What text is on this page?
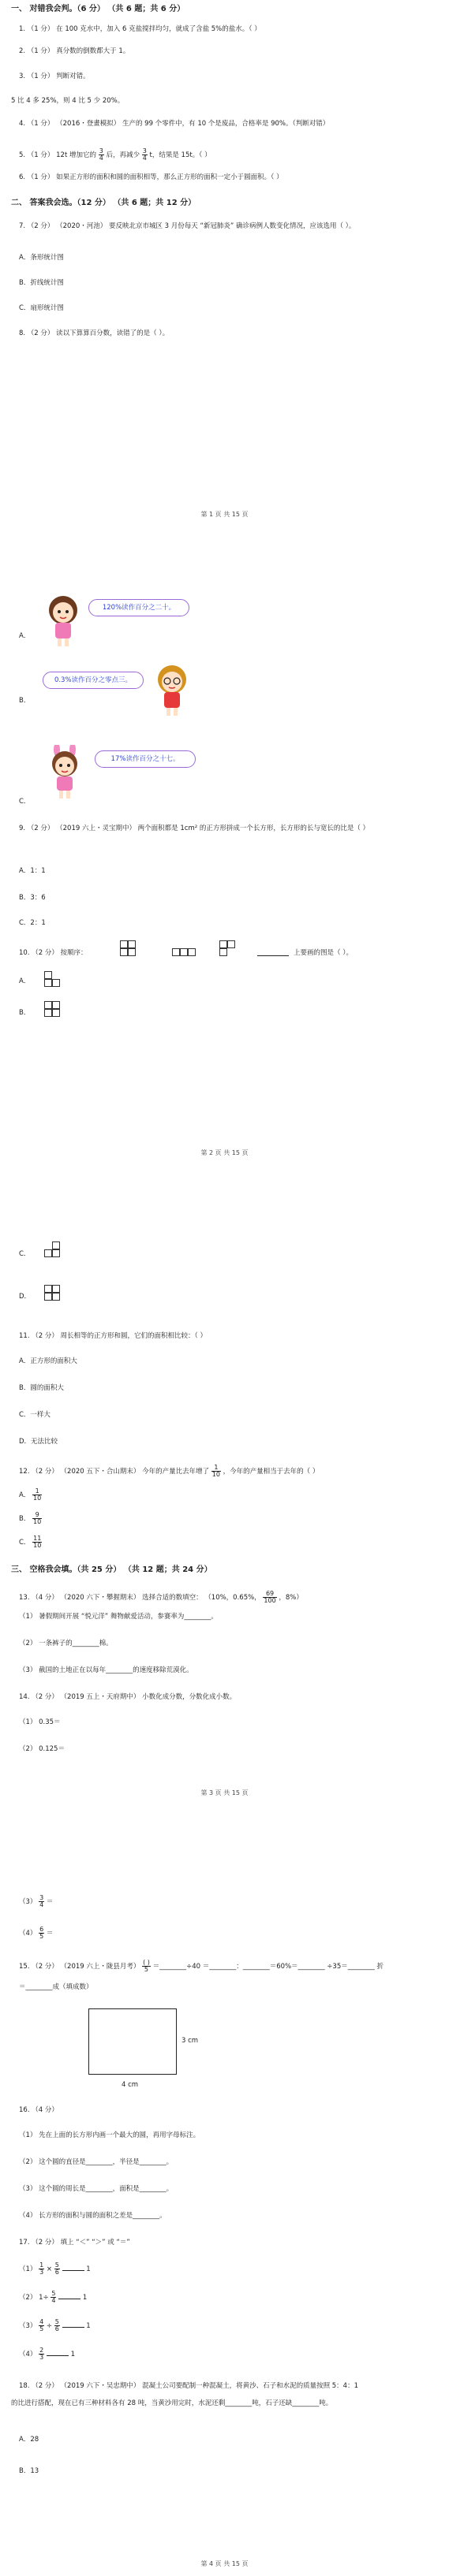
一、 对错我会判。（6 分） （共 6 题；共 6 分）
1. （1 分） 在 100 克水中，加入 6 克盐搅拌均匀，就成了含盐 5%的盐水。（ ）
2. （1 分） 真分数的倒数都大于 1。
3. （1 分） 判断对错。
5 比 4 多 25%，则 4 比 5 少 20%。
4. （1 分） （2016・登畫模拟） 生产的 99 个零件中，有 10 个是废品，合格率是 90%。（判断对错）
5. （1 分） 12t 增加它的 $\frac{3}{4}$ 后，再减少 $\frac{3}{4}$ t，结果是 15t。（ ）
6. （1 分） 如果正方形的面积和圆的面积相等，那么正方形的面积一定小于圆面积。（ ）
二、 答案我会选。（12 分） （共 6 题；共 12 分）
7. （2 分） （2020・河池） 要反映北京市城区 3 月份每天 “新冠肺炎” 确诊病例人数变化情况，应该选用（ ）。
A．条形统计图
B．折线统计图
C．扇形统计图
8. （2 分） 读以下算算百分数，读错了的是（ ）。
第 1 页 共 15 页
120%读作百分之二十。
A．
0.3%读作百分之零点三。
B．
17%读作百分之十七。
C．
9. （2 分） （2019 六上・灵宝期中） 两个面积都是 1cm² 的正方形拼成一个长方形，长方形的长与宽长的比是（ ）
A．1：1
B．3：6
C．2：1
10. （2 分） 按顺序：	上要画的图是（ ）。
A．
B．
第 2 页 共 15 页
C．
D．
11. （2 分） 周长相等的正方形和圆，它们的面积相比较：（ ）
A．正方形的面积大
B．圆的面积大
C．一样大
D．无法比较
12. （2 分） （2020 五下・合山期末） 今年的产量比去年增了 $\frac{1}{10}$ ，今年的产量相当于去年的（ ）
A． $\frac{1}{10}$
B． $\frac{9}{10}$
C． $\frac{11}{10}$
三、 空格我会填。（共 25 分） （共 12 题；共 24 分）
13. （4 分） （2020 六下・攀握期末） 选择合适的数填空： （10%，0.65%， $\frac{69}{100}$ ，8%）
（1） 暑假期间开展 “悦元洋” 舞物献爱活动，参赛率为________。
（2） 一条裤子的________棉。
（3） 截国的土地正在以每年________的速度移除荒漠化。
14. （2 分） （2019 五上・天府期中） 小数化成分数，分数化成小数。
（1） 0.35＝
（2） 0.125＝
第 3 页 共 15 页
$(3) \frac{3}{4}$ ＝
$(4) \frac{6}{5}$ ＝
15. （2 分） （2019 六上・陇县月考） $\frac{( )}{5}$ ＝________÷40 ＝________：________＝60%＝________ ÷35＝________ 折
＝________成（填成数）
3 cm
4 cm
16. （4 分）
（1） 先在上面的长方形内画一个最大的圆，再用字母标注。
（2） 这个圆的直径是________，半径是________。
（3） 这个圆的周长是________，面积是________。
（4） 长方形的面积与圆的面积之差是________。
17. （2 分） 填上 “＜” “＞” 或 “＝”
$(1) \frac{1}{3} \times \frac{5}{6}$	1
（2） $1\div \frac{5}{4}$	1
$(3) \frac{4}{5} \div \frac{5}{6}$	1
$(4) \frac{2}{3}$	1
18. （2 分） （2019 六下・吴忠期中） 混凝土公司要配制一种混凝土，将黄沙、石子和水泥的质量按照 5：4：1
的比进行搭配，现在已有三种材料各有 28 吨，当黄沙用完时，水泥还剩________吨，石子还缺________吨。
A．28
B．13
第 4 页 共 15 页
